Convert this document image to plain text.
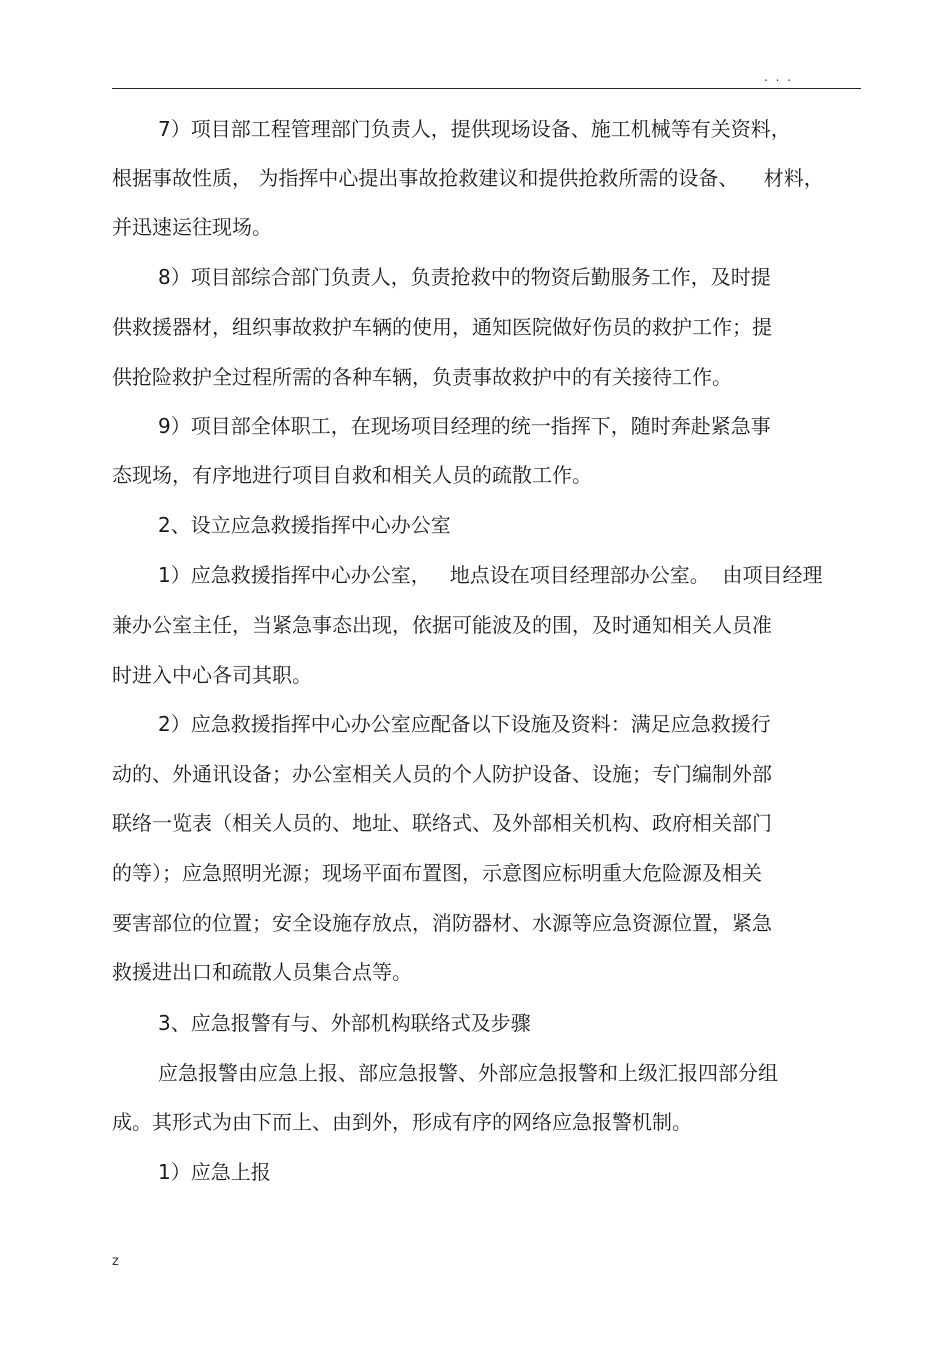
. . .
7）项目部工程管理部门负责人，提供现场设备、施工机械等有关资料，
根据事故性质， 为指挥中心提出事故抢救建议和提供抢救所需的设备、    材料，
并迅速运往现场。
8）项目部综合部门负责人，负责抢救中的物资后勤服务工作，及时提
供救援器材，组织事故救护车辆的使用，通知医院做好伤员的救护工作；提
供抢险救护全过程所需的各种车辆，负责事故救护中的有关接待工作。
9）项目部全体职工，在现场项目经理的统一指挥下，随时奔赴紧急事
态现场，有序地进行项目自救和相关人员的疏散工作。
2、设立应急救援指挥中心办公室
1）应急救援指挥中心办公室，   地点设在项目经理部办公室。  由项目经理
兼办公室主任，当紧急事态出现，依据可能波及的围，及时通知相关人员准
时进入中心各司其职。
2）应急救援指挥中心办公室应配备以下设施及资料：满足应急救援行
动的、外通讯设备；办公室相关人员的个人防护设备、设施；专门编制外部
联络一览表（相关人员的、地址、联络式、及外部相关机构、政府相关部门
的等）；应急照明光源；现场平面布置图，示意图应标明重大危险源及相关
要害部位的位置；安全设施存放点，消防器材、水源等应急资源位置，紧急
救援进出口和疏散人员集合点等。
3、应急报警有与、外部机构联络式及步骤
应急报警由应急上报、部应急报警、外部应急报警和上级汇报四部分组
成。其形式为由下而上、由到外，形成有序的网络应急报警机制。
1）应急上报
z
